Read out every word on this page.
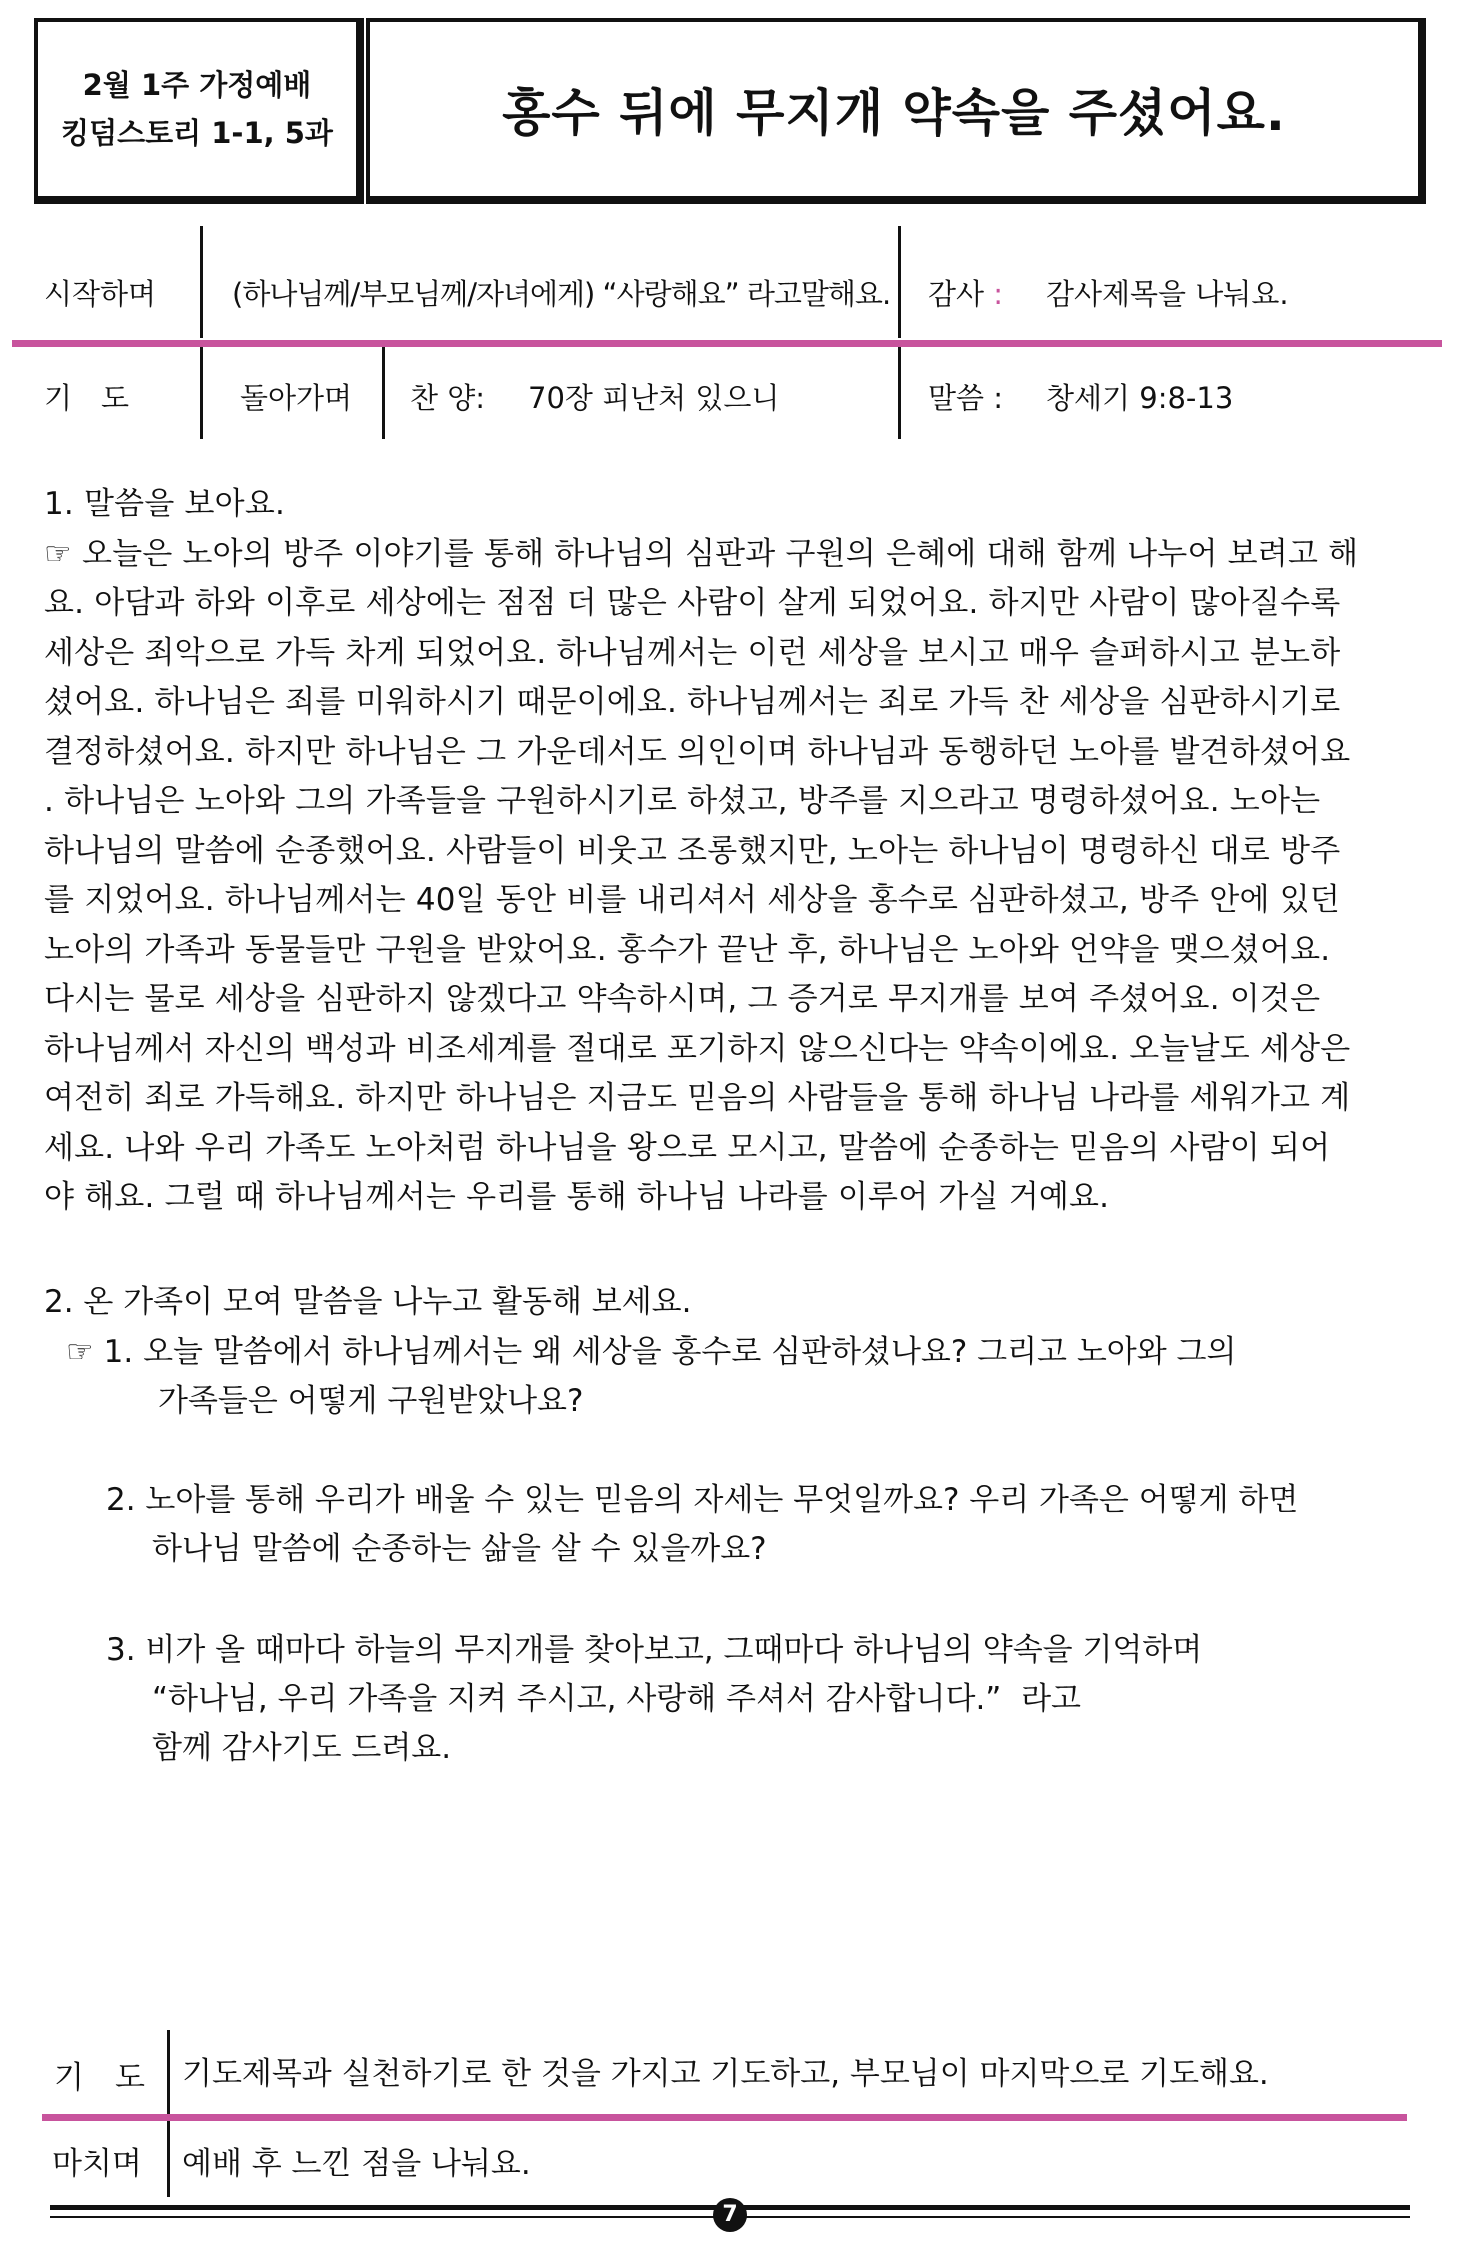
2월 1주 가정예배
킹덤스토리 1-1, 5과	홍수 뒤에 무지개 약속을 주셨어요.
시작하며	(하나님께/부모님께/자녀에게) “사랑해요” 라고말해요. 감사 : 감사제목을 나눠요.
기　도	돌아가며 찬 양: 70장 피난처 있으니	말씀 : 창세기 9:8-13
1. 말씀을 보아요.
☞ 오늘은 노아의 방주 이야기를 통해 하나님의 심판과 구원의 은혜에 대해 함께 나누어 보려고 해
요. 아담과 하와 이후로 세상에는 점점 더 많은 사람이 살게 되었어요. 하지만 사람이 많아질수록
세상은 죄악으로 가득 차게 되었어요. 하나님께서는 이런 세상을 보시고 매우 슬퍼하시고 분노하
셨어요. 하나님은 죄를 미워하시기 때문이에요. 하나님께서는 죄로 가득 찬 세상을 심판하시기로
결정하셨어요. 하지만 하나님은 그 가운데서도 의인이며 하나님과 동행하던 노아를 발견하셨어요
. 하나님은 노아와 그의 가족들을 구원하시기로 하셨고, 방주를 지으라고 명령하셨어요. 노아는
하나님의 말씀에 순종했어요. 사람들이 비웃고 조롱했지만, 노아는 하나님이 명령하신 대로 방주
를 지었어요. 하나님께서는 40일 동안 비를 내리셔서 세상을 홍수로 심판하셨고, 방주 안에 있던
노아의 가족과 동물들만 구원을 받았어요. 홍수가 끝난 후, 하나님은 노아와 언약을 맺으셨어요.
다시는 물로 세상을 심판하지 않겠다고 약속하시며, 그 증거로 무지개를 보여 주셨어요. 이것은
하나님께서 자신의 백성과 비조세계를 절대로 포기하지 않으신다는 약속이에요. 오늘날도 세상은
여전히 죄로 가득해요. 하지만 하나님은 지금도 믿음의 사람들을 통해 하나님 나라를 세워가고 계
세요. 나와 우리 가족도 노아처럼 하나님을 왕으로 모시고, 말씀에 순종하는 믿음의 사람이 되어
야 해요. 그럴 때 하나님께서는 우리를 통해 하나님 나라를 이루어 가실 거예요.
2. 온 가족이 모여 말씀을 나누고 활동해 보세요.
☞ 1. 오늘 말씀에서 하나님께서는 왜 세상을 홍수로 심판하셨나요? 그리고 노아와 그의
가족들은 어떻게 구원받았나요?
2. 노아를 통해 우리가 배울 수 있는 믿음의 자세는 무엇일까요? 우리 가족은 어떻게 하면
하나님 말씀에 순종하는 삶을 살 수 있을까요?
3. 비가 올 때마다 하늘의 무지개를 찾아보고, 그때마다 하나님의 약속을 기억하며
“하나님, 우리 가족을 지켜 주시고, 사랑해 주셔서 감사합니다.”  라고
함께 감사기도 드려요.
기　도 기도제목과 실천하기로 한 것을 가지고 기도하고, 부모님이 마지막으로 기도해요.
마치며 예배 후 느낀 점을 나눠요.
7
